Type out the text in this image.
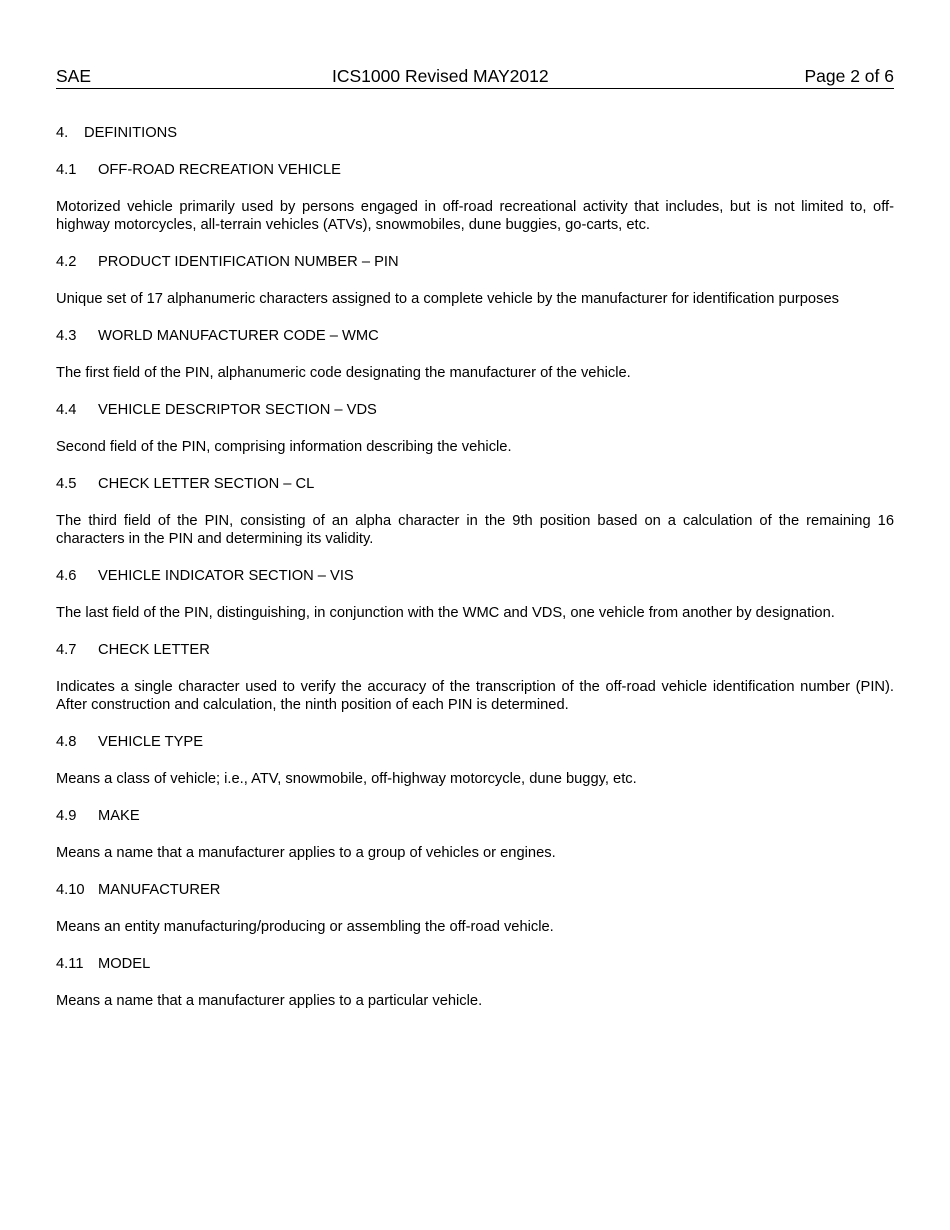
SAE	ICS1000 Revised MAY2012	Page 2 of 6
4. DEFINITIONS
4.1 OFF-ROAD RECREATION VEHICLE
Motorized vehicle primarily used by persons engaged in off-road recreational activity that includes, but is not limited to, off-highway motorcycles, all-terrain vehicles (ATVs), snowmobiles, dune buggies, go-carts, etc.
4.2 PRODUCT IDENTIFICATION NUMBER – PIN
Unique set of 17 alphanumeric characters assigned to a complete vehicle by the manufacturer for identification purposes
4.3 WORLD MANUFACTURER CODE – WMC
The first field of the PIN, alphanumeric code designating the manufacturer of the vehicle.
4.4 VEHICLE DESCRIPTOR SECTION – VDS
Second field of the PIN, comprising information describing the vehicle.
4.5 CHECK LETTER SECTION – CL
The third field of the PIN, consisting of an alpha character in the 9th position based on a calculation of the remaining 16 characters in the PIN and determining its validity.
4.6 VEHICLE INDICATOR SECTION – VIS
The last field of the PIN, distinguishing, in conjunction with the WMC and VDS, one vehicle from another by designation.
4.7 CHECK LETTER
Indicates a single character used to verify the accuracy of the transcription of the off-road vehicle identification number (PIN).  After construction and calculation, the ninth position of each PIN is determined.
4.8 VEHICLE TYPE
Means a class of vehicle; i.e., ATV, snowmobile, off-highway motorcycle, dune buggy, etc.
4.9 MAKE
Means a name that a manufacturer applies to a group of vehicles or engines.
4.10 MANUFACTURER
Means an entity manufacturing/producing or assembling the off-road vehicle.
4.11 MODEL
Means a name that a manufacturer applies to a particular vehicle.
